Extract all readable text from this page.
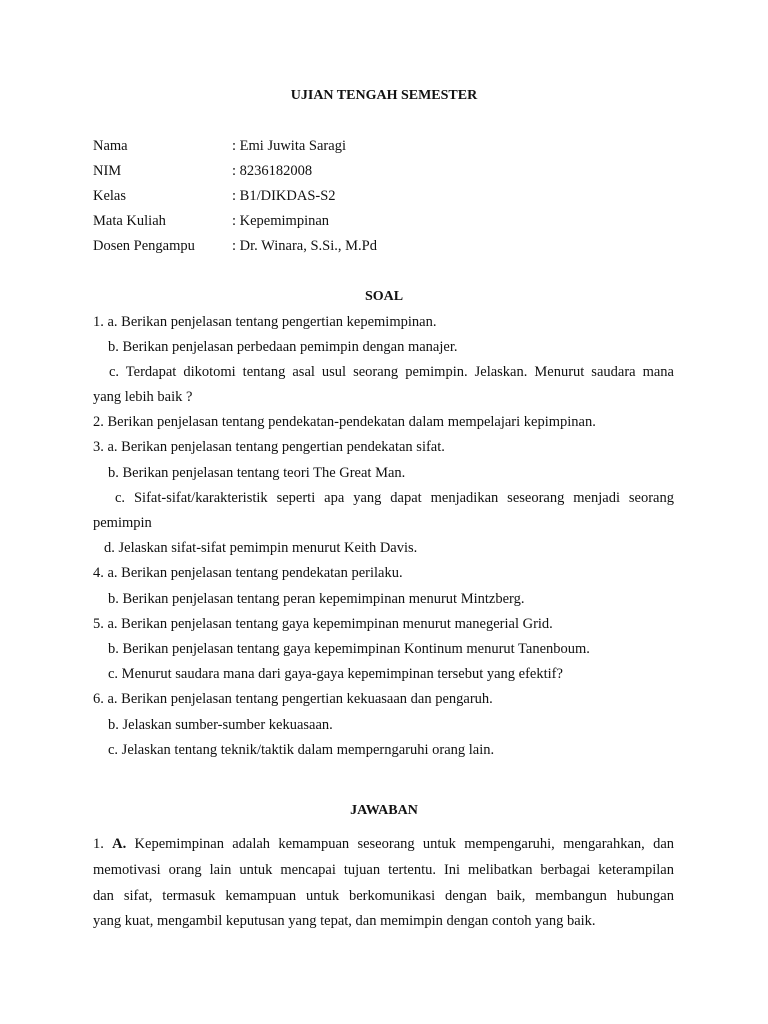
UJIAN TENGAH SEMESTER
Nama	: Emi Juwita Saragi
NIM	: 8236182008
Kelas	: B1/DIKDAS-S2
Mata Kuliah	: Kepemimpinan
Dosen Pengampu	: Dr. Winara, S.Si., M.Pd
SOAL
1. a. Berikan penjelasan tentang pengertian kepemimpinan.
b. Berikan penjelasan perbedaan pemimpin dengan manajer.
c. Terdapat dikotomi tentang asal usul seorang pemimpin. Jelaskan. Menurut saudara mana
yang lebih baik ?
2. Berikan penjelasan tentang pendekatan-pendekatan dalam mempelajari kepimpinan.
3. a. Berikan penjelasan tentang pengertian pendekatan sifat.
b. Berikan penjelasan tentang teori The Great Man.
c. Sifat-sifat/karakteristik seperti apa yang dapat menjadikan seseorang menjadi seorang
pemimpin
d. Jelaskan sifat-sifat pemimpin menurut Keith Davis.
4. a. Berikan penjelasan tentang pendekatan perilaku.
b. Berikan penjelasan tentang peran kepemimpinan menurut Mintzberg.
5. a. Berikan penjelasan tentang gaya kepemimpinan menurut manegerial Grid.
b. Berikan penjelasan tentang gaya kepemimpinan Kontinum menurut Tanenboum.
c. Menurut saudara mana dari gaya-gaya kepemimpinan tersebut yang efektif?
6. a. Berikan penjelasan tentang pengertian kekuasaan dan pengaruh.
b. Jelaskan sumber-sumber kekuasaan.
c. Jelaskan tentang teknik/taktik dalam memperngaruhi orang lain.
JAWABAN
1. A. Kepemimpinan adalah kemampuan seseorang untuk mempengaruhi, mengarahkan, dan
memotivasi orang lain untuk mencapai tujuan tertentu. Ini melibatkan berbagai keterampilan
dan sifat, termasuk kemampuan untuk berkomunikasi dengan baik, membangun hubungan
yang kuat, mengambil keputusan yang tepat, dan memimpin dengan contoh yang baik.
